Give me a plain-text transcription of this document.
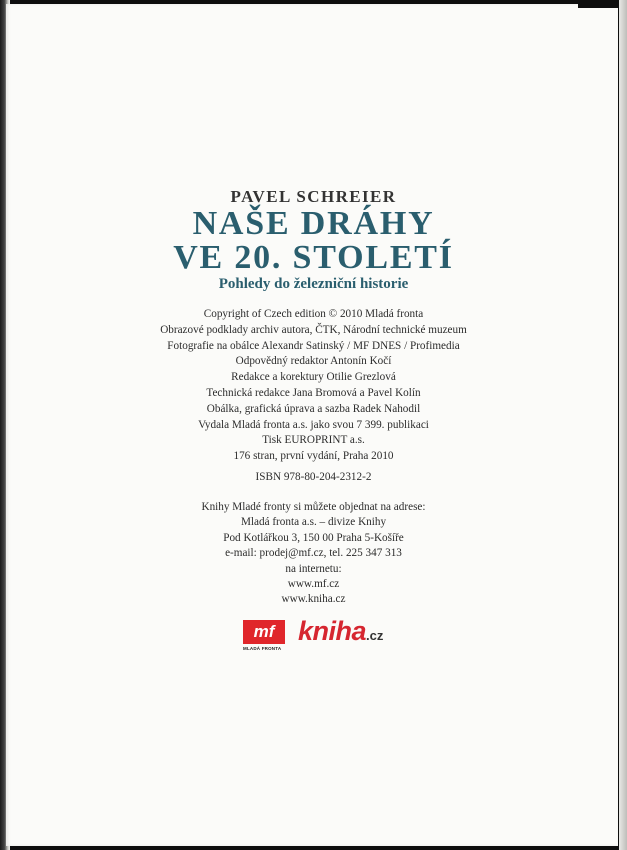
PAVEL SCHREIER
NAŠE DRÁHY
VE 20. STOLETÍ
Pohledy do železniční historie
Copyright of Czech edition © 2010 Mladá fronta
Obrazové podklady archiv autora, ČTK, Národní technické muzeum
Fotografie na obálce Alexandr Satinský / MF DNES / Profimedia
Odpovědný redaktor Antonín Kočí
Redakce a korektury Otilie Grezlová
Technická redakce Jana Bromová a Pavel Kolín
Obálka, grafická úprava a sazba Radek Nahodil
Vydala Mladá fronta a.s. jako svou 7 399. publikaci
Tisk EUROPRINT a.s.
176 stran, první vydání, Praha 2010
ISBN 978-80-204-2312-2
Knihy Mladé fronty si můžete objednat na adrese:
Mladá fronta a.s. – divize Knihy
Pod Kotlářkou 3, 150 00 Praha 5-Košíře
e-mail: prodej@mf.cz, tel. 225 347 313
na internetu:
www.mf.cz
www.kniha.cz
mf
MLADÁ FRONTA
kniha.cz
